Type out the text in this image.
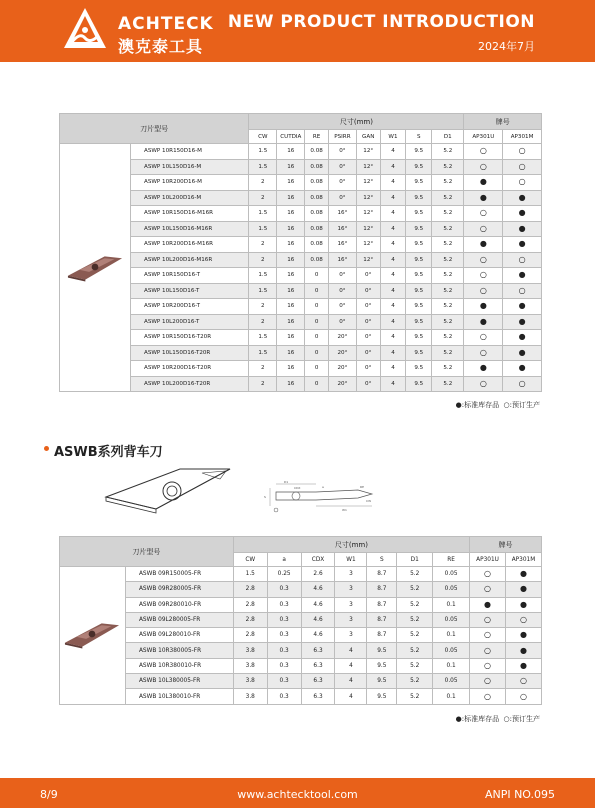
ACHTECK
澳克泰工具
NEW PRODUCT INTRODUCTION
2024年7月
刀片型号		尺寸(mm)								牌号	
		CW	CUTDIA	RE	PSIRR	GAN	W1	S	D1	AP301U	AP301M
	ASWP 10R150D16-M	1.5	16	0.08	0°	12°	4	9.5	5.2	○	○
	ASWP 10L150D16-M	1.5	16	0.08	0°	12°	4	9.5	5.2	○	○
	ASWP 10R200D16-M	2	16	0.08	0°	12°	4	9.5	5.2	●	○
	ASWP 10L200D16-M	2	16	0.08	0°	12°	4	9.5	5.2	●	●
	ASWP 10R150D16-M16R	1.5	16	0.08	16°	12°	4	9.5	5.2	○	●
	ASWP 10L150D16-M16R	1.5	16	0.08	16°	12°	4	9.5	5.2	○	●
	ASWP 10R200D16-M16R	2	16	0.08	16°	12°	4	9.5	5.2	●	●
	ASWP 10L200D16-M16R	2	16	0.08	16°	12°	4	9.5	5.2	○	○
	ASWP 10R150D16-T	1.5	16	0	0°	0°	4	9.5	5.2	○	●
	ASWP 10L150D16-T	1.5	16	0	0°	0°	4	9.5	5.2	○	○
	ASWP 10R200D16-T	2	16	0	0°	0°	4	9.5	5.2	●	●
	ASWP 10L200D16-T	2	16	0	0°	0°	4	9.5	5.2	●	●
	ASWP 10R150D16-T20R	1.5	16	0	20°	0°	4	9.5	5.2	○	●
	ASWP 10L150D16-T20R	1.5	16	0	20°	0°	4	9.5	5.2	○	●
	ASWP 10R200D16-T20R	2	16	0	20°	0°	4	9.5	5.2	●	●
	ASWP 10L200D16-T20R	2	16	0	20°	0°	4	9.5	5.2	○	○
●:标准库存品 ○:预订生产
ASWB系列背车刀
D1
CDX
S
a	RE
W1
CW
刀片型号		尺寸(mm)							牌号	
		CW	a	CDX	W1	S	D1	RE	AP301U	AP301M
	ASWB 09R150005-FR	1.5	0.25	2.6	3	8.7	5.2	0.05	○	●
	ASWB 09R280005-FR	2.8	0.3	4.6	3	8.7	5.2	0.05	○	●
	ASWB 09R280010-FR	2.8	0.3	4.6	3	8.7	5.2	0.1	●	●
	ASWB 09L280005-FR	2.8	0.3	4.6	3	8.7	5.2	0.05	○	○
	ASWB 09L280010-FR	2.8	0.3	4.6	3	8.7	5.2	0.1	○	●
	ASWB 10R380005-FR	3.8	0.3	6.3	4	9.5	5.2	0.05	○	●
	ASWB 10R380010-FR	3.8	0.3	6.3	4	9.5	5.2	0.1	○	●
	ASWB 10L380005-FR	3.8	0.3	6.3	4	9.5	5.2	0.05	○	○
	ASWB 10L380010-FR	3.8	0.3	6.3	4	9.5	5.2	0.1	○	○
●:标准库存品 ○:预订生产
8/9	www.achtecktool.com	ANPI NO.095
